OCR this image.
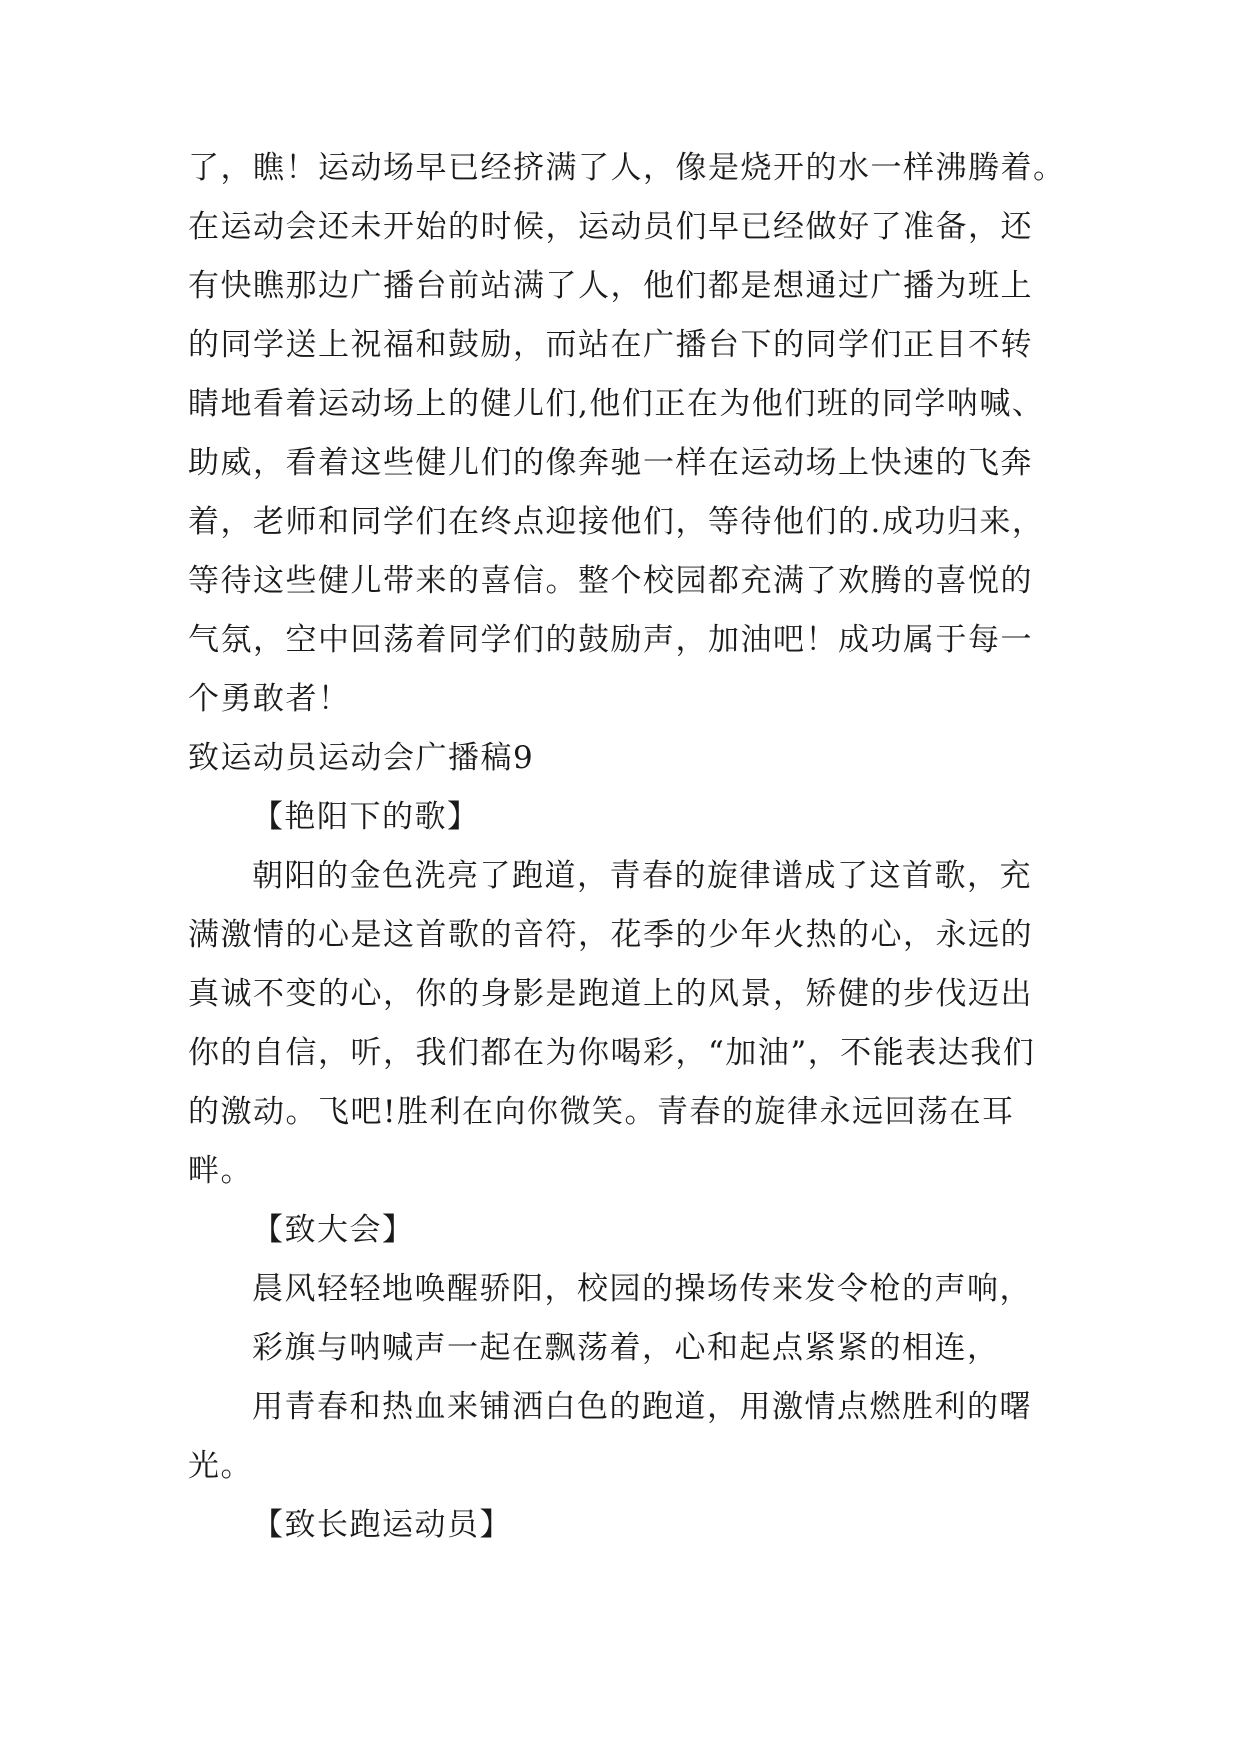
了，瞧！运动场早已经挤满了人，像是烧开的水一样沸腾着。
在运动会还未开始的时候，运动员们早已经做好了准备，还
有快瞧那边广播台前站满了人，他们都是想通过广播为班上
的同学送上祝福和鼓励，而站在广播台下的同学们正目不转
睛地看着运动场上的健儿们,他们正在为他们班的同学呐喊、
助威，看着这些健儿们的像奔驰一样在运动场上快速的飞奔
着，老师和同学们在终点迎接他们，等待他们的.成功归来，
等待这些健儿带来的喜信。整个校园都充满了欢腾的喜悦的
气氛，空中回荡着同学们的鼓励声，加油吧！成功属于每一
个勇敢者！
致运动员运动会广播稿9
【艳阳下的歌】
朝阳的金色洗亮了跑道，青春的旋律谱成了这首歌，充
满激情的心是这首歌的音符，花季的少年火热的心，永远的
真诚不变的心，你的身影是跑道上的风景，矫健的步伐迈出
你的自信，听，我们都在为你喝彩，“加油”，不能表达我们
的激动。飞吧!胜利在向你微笑。青春的旋律永远回荡在耳
畔。
【致大会】
晨风轻轻地唤醒骄阳，校园的操场传来发令枪的声响，
彩旗与呐喊声一起在飘荡着，心和起点紧紧的相连，
用青春和热血来铺洒白色的跑道，用激情点燃胜利的曙
光。
【致长跑运动员】
